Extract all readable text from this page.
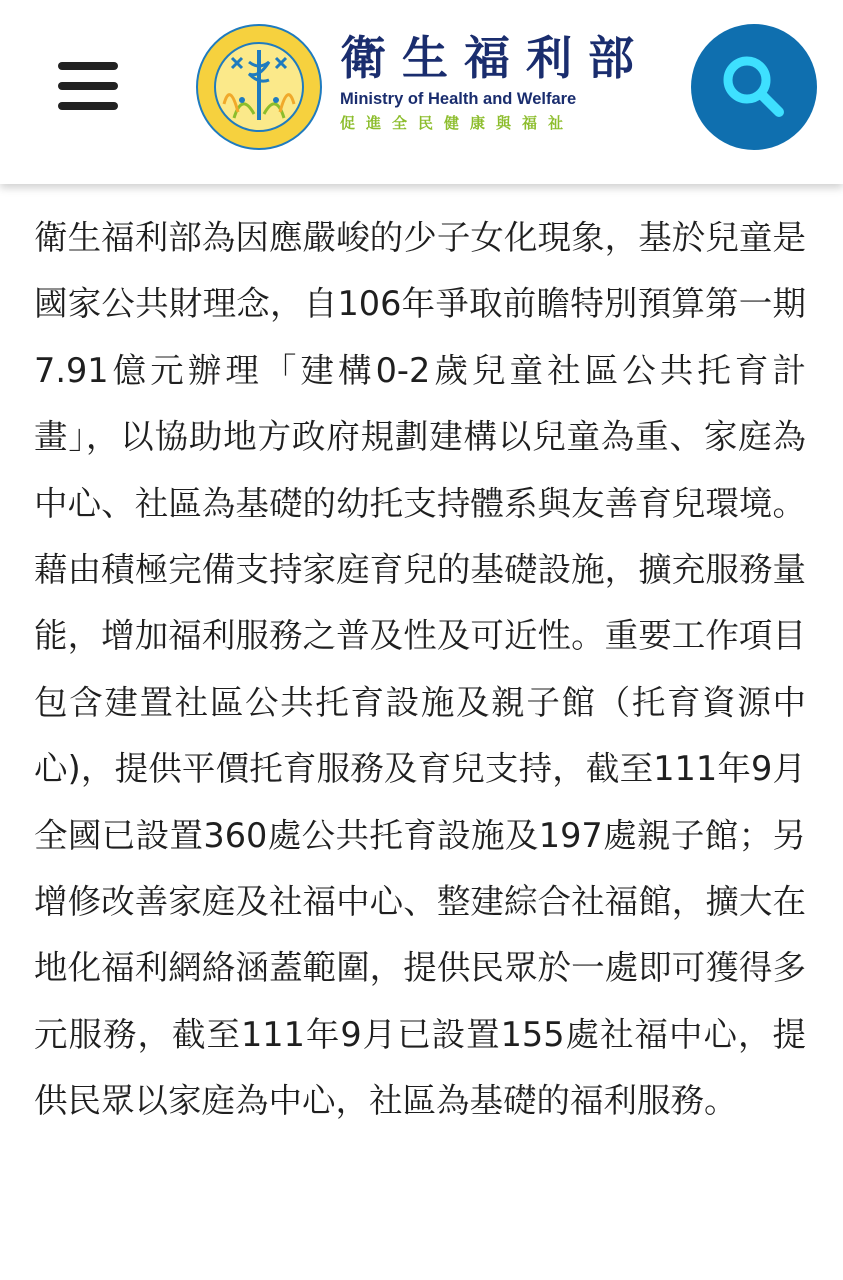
衛生福利部
Ministry of Health and Welfare
促進全民健康與福祉
衛生福利部為因應嚴峻的少子女化現象，基於兒童是國家公共財理念，自106年爭取前瞻特別預算第一期7.91億元辦理「建構0-2歲兒童社區公共托育計畫」，以協助地方政府規劃建構以兒童為重、家庭為中心、社區為基礎的幼托支持體系與友善育兒環境。藉由積極完備支持家庭育兒的基礎設施，擴充服務量能，增加福利服務之普及性及可近性。重要工作項目包含建置社區公共托育設施及親子館（托育資源中心)，提供平價托育服務及育兒支持，截至111年9月全國已設置360處公共托育設施及197處親子館；另增修改善家庭及社福中心、整建綜合社福館，擴大在地化福利網絡涵蓋範圍，提供民眾於一處即可獲得多元服務，截至111年9月已設置155處社福中心，提供民眾以家庭為中心，社區為基礎的福利服務。
